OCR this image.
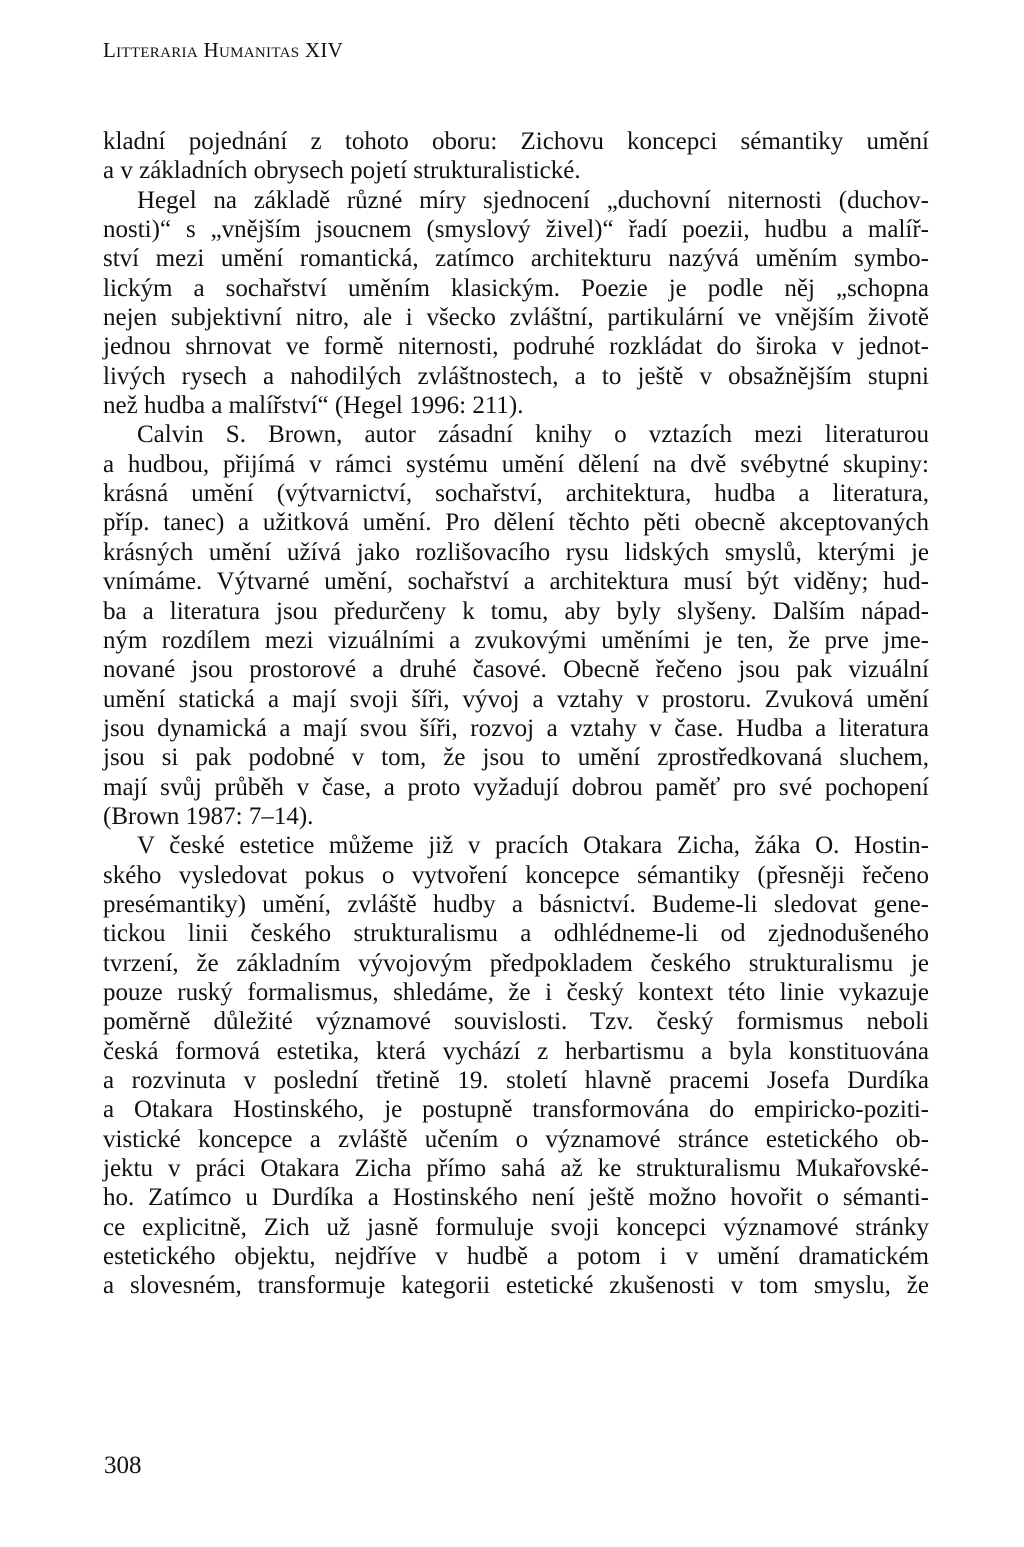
Litteraria Humanitas XIV
kladní pojednání z tohoto oboru: Zichovu koncepci sémantiky umění
a v základních obrysech pojetí strukturalistické.
Hegel na základě různé míry sjednocení „duchovní niternosti (duchov-
nosti)“ s „vnějším jsoucnem (smyslový živel)“ řadí poezii, hudbu a malíř-
ství mezi umění romantická, zatímco architekturu nazývá uměním symbo-
lickým a sochařství uměním klasickým. Poezie je podle něj „schopna
nejen subjektivní nitro, ale i všecko zvláštní, partikulární ve vnějším životě
jednou shrnovat ve formě niternosti, podruhé rozkládat do široka v jednot-
livých rysech a nahodilých zvláštnostech, a to ještě v obsažnějším stupni
než hudba a malířství“ (Hegel 1996: 211).
Calvin S. Brown, autor zásadní knihy o vztazích mezi literaturou
a hudbou, přijímá v rámci systému umění dělení na dvě svébytné skupiny:
krásná umění (výtvarnictví, sochařství, architektura, hudba a literatura,
příp. tanec) a užitková umění. Pro dělení těchto pěti obecně akceptovaných
krásných umění užívá jako rozlišovacího rysu lidských smyslů, kterými je
vnímáme. Výtvarné umění, sochařství a architektura musí být viděny; hud-
ba a literatura jsou předurčeny k tomu, aby byly slyšeny. Dalším nápad-
ným rozdílem mezi vizuálními a zvukovými uměními je ten, že prve jme-
nované jsou prostorové a druhé časové. Obecně řečeno jsou pak vizuální
umění statická a mají svoji šíři, vývoj a vztahy v prostoru. Zvuková umění
jsou dynamická a mají svou šíři, rozvoj a vztahy v čase. Hudba a literatura
jsou si pak podobné v tom, že jsou to umění zprostředkovaná sluchem,
mají svůj průběh v čase, a proto vyžadují dobrou paměť pro své pochopení
(Brown 1987: 7–14).
V české estetice můžeme již v pracích Otakara Zicha, žáka O. Hostin-
ského vysledovat pokus o vytvoření koncepce sémantiky (přesněji řečeno
presémantiky) umění, zvláště hudby a básnictví. Budeme-li sledovat gene-
tickou linii českého strukturalismu a odhlédneme-li od zjednodušeného
tvrzení, že základním vývojovým předpokladem českého strukturalismu je
pouze ruský formalismus, shledáme, že i český kontext této linie vykazuje
poměrně důležité významové souvislosti. Tzv. český formismus neboli
česká formová estetika, která vychází z herbartismu a byla konstituována
a rozvinuta v poslední třetině 19. století hlavně pracemi Josefa Durdíka
a Otakara Hostinského, je postupně transformována do empiricko-poziti-
vistické koncepce a zvláště učením o významové stránce estetického ob-
jektu v práci Otakara Zicha přímo sahá až ke strukturalismu Mukařovské-
ho. Zatímco u Durdíka a Hostinského není ještě možno hovořit o sémanti-
ce explicitně, Zich už jasně formuluje svoji koncepci významové stránky
estetického objektu, nejdříve v hudbě a potom i v umění dramatickém
a slovesném, transformuje kategorii estetické zkušenosti v tom smyslu, že
308
